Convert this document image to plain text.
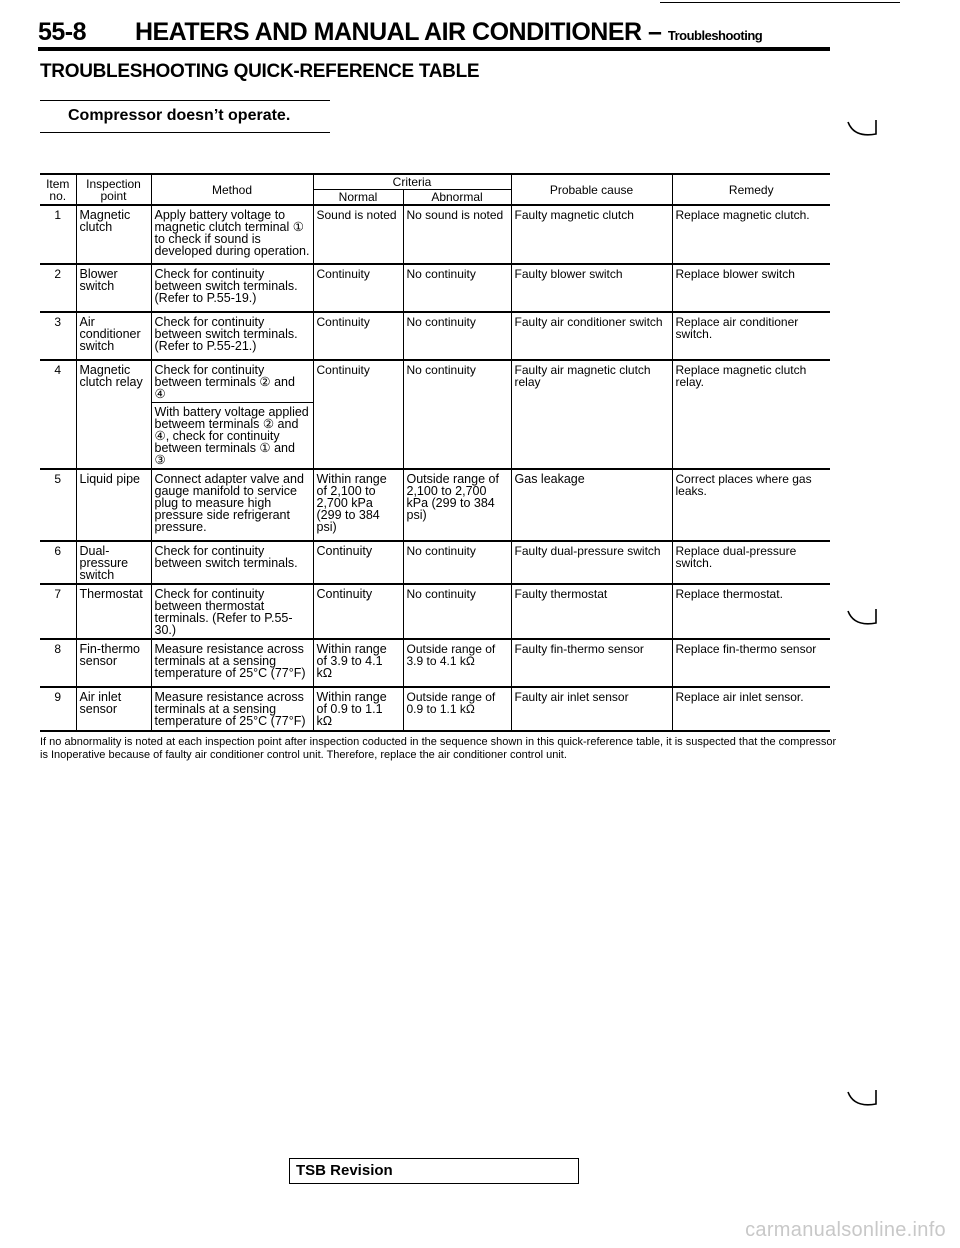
55-8 HEATERS AND MANUAL AIR CONDITIONER – Troubleshooting
TROUBLESHOOTING QUICK-REFERENCE TABLE
Compressor doesn’t operate.
Item no.	Inspection point	Method	Criteria		Probable cause	Remedy
			Normal	Abnormal		
1	Magnetic clutch	Apply battery voltage to magnetic clutch terminal ① to check if sound is developed during operation.	Sound is noted	No sound is noted	Faulty magnetic clutch	Replace magnetic clutch.
2	Blower switch	Check for continuity between switch terminals. (Refer to P.55-19.)	Continuity	No continuity	Faulty blower switch	Replace blower switch
3	Air conditioner switch	Check for continuity between switch terminals. (Refer to P.55-21.)	Continuity	No continuity	Faulty air conditioner switch	Replace air conditioner switch.
4	Magnetic clutch relay	Check for continuity between terminals ② and ④	Continuity	No continuity	Faulty air magnetic clutch relay	Replace magnetic clutch relay.
		With battery voltage applied betweem terminals ② and ④, check for continuity between terminals ① and ③				
5	Liquid pipe	Connect adapter valve and gauge manifold to service plug to measure high pressure side refrigerant pressure.	Within range of 2,100 to 2,700 kPa (299 to 384 psi)	Outside range of 2,100 to 2,700 kPa (299 to 384 psi)	Gas leakage	Correct places where gas leaks.
6	Dual-pressure switch	Check for continuity between switch terminals.	Continuity	No continuity	Faulty dual-pressure switch	Replace dual-pressure switch.
7	Thermostat	Check for continuity between thermostat terminals. (Refer to P.55-30.)	Continuity	No continuity	Faulty thermostat	Replace thermostat.
8	Fin-thermo sensor	Measure resistance across terminals at a sensing temperature of 25°C (77°F)	Within range of 3.9 to 4.1 kΩ	Outside range of 3.9 to 4.1 kΩ	Faulty fin-thermo sensor	Replace fin-thermo sensor
9	Air inlet sensor	Measure resistance across terminals at a sensing temperature of 25°C (77°F)	Within range of 0.9 to 1.1 kΩ	Outside range of 0.9 to 1.1 kΩ	Faulty air inlet sensor	Replace air inlet sensor.
If no abnormality is noted at each inspection point after inspection coducted in the sequence shown in this quick-reference table, it is suspected that the compressor is Inoperative because of faulty air conditioner control unit. Therefore, replace the air conditioner control unit.
TSB Revision
carmanualsonline.info
